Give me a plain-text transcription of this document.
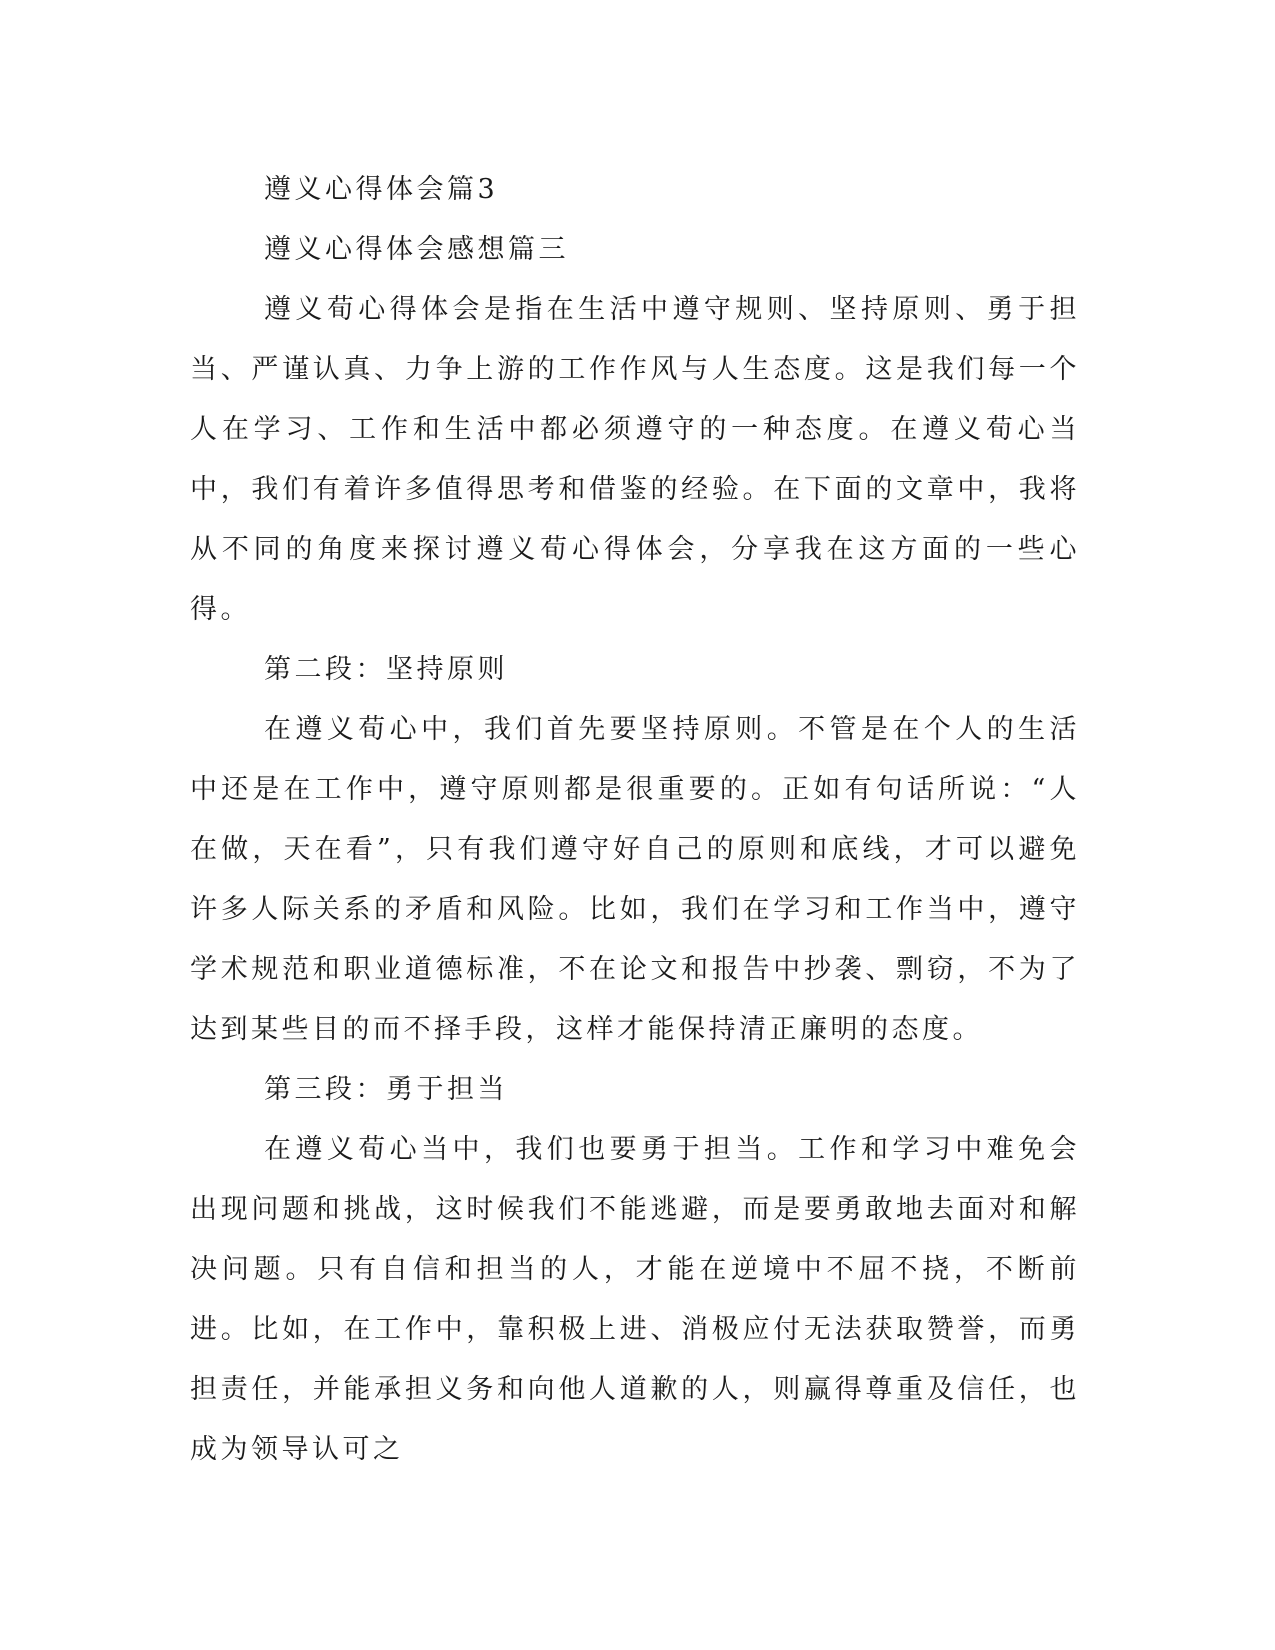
遵义心得体会篇3
遵义心得体会感想篇三

遵义荀心得体会是指在生活中遵守规则、坚持原则、勇于担当、严谨认真、力争上游的工作作风与人生态度。这是我们每一个人在学习、工作和生活中都必须遵守的一种态度。在遵义荀心当中，我们有着许多值得思考和借鉴的经验。在下面的文章中，我将从不同的角度来探讨遵义荀心得体会，分享我在这方面的一些心得。

第二段：坚持原则

在遵义荀心中，我们首先要坚持原则。不管是在个人的生活中还是在工作中，遵守原则都是很重要的。正如有句话所说：“人在做，天在看”，只有我们遵守好自己的原则和底线，才可以避免许多人际关系的矛盾和风险。比如，我们在学习和工作当中，遵守学术规范和职业道德标准，不在论文和报告中抄袭、剽窃，不为了达到某些目的而不择手段，这样才能保持清正廉明的态度。

第三段：勇于担当

在遵义荀心当中，我们也要勇于担当。工作和学习中难免会出现问题和挑战，这时候我们不能逃避，而是要勇敢地去面对和解决问题。只有自信和担当的人，才能在逆境中不屈不挠，不断前进。比如，在工作中，靠积极上进、消极应付无法获取赞誉，而勇担责任，并能承担义务和向他人道歉的人，则赢得尊重及信任，也成为领导认可之
